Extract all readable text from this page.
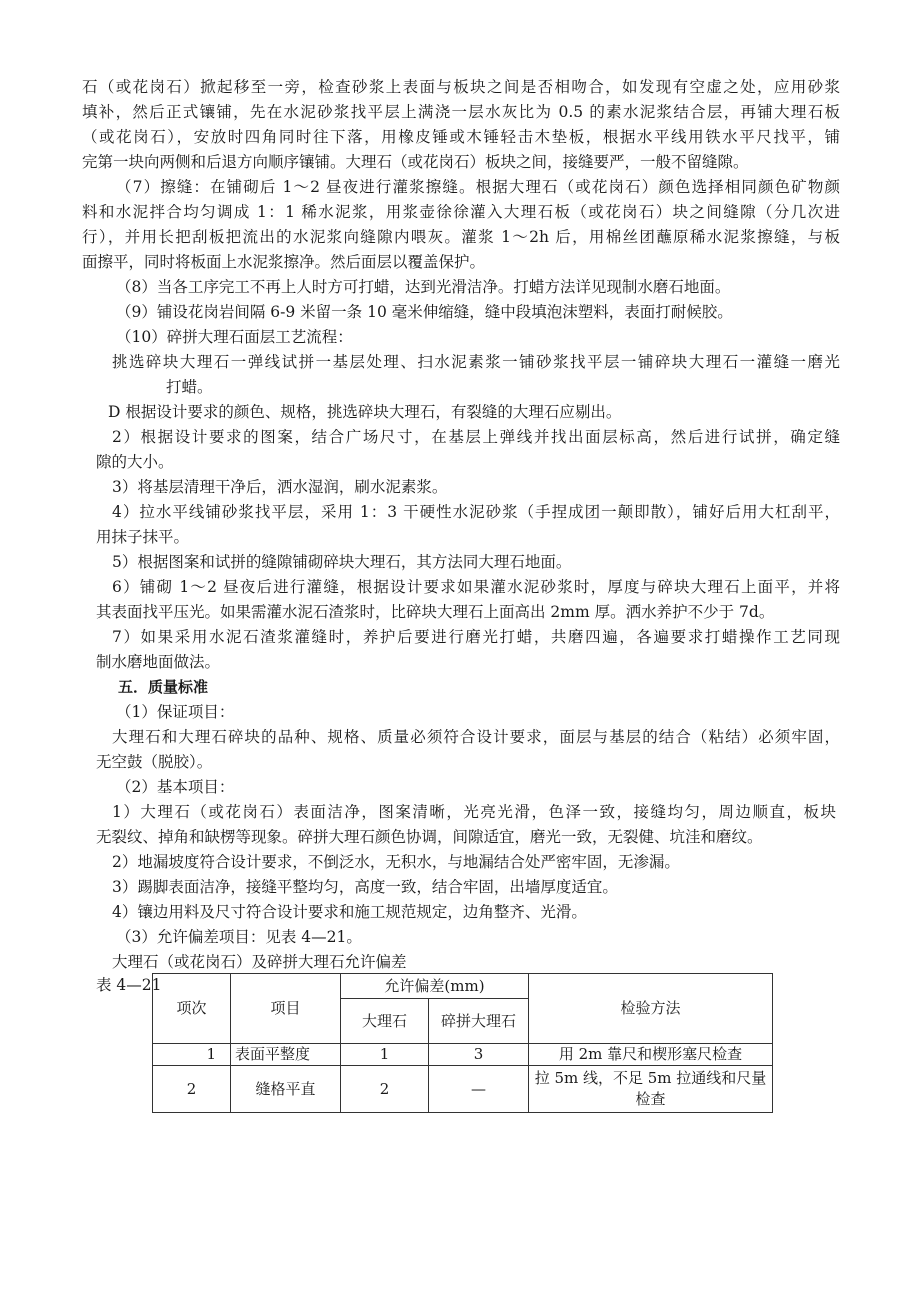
石（或花岗石）掀起移至一旁，检查砂浆上表面与板块之间是否相吻合，如发现有空虚之处，应用砂浆
填补，然后正式镶铺，先在水泥砂浆找平层上满浇一层水灰比为 0.5 的素水泥浆结合层，再铺大理石板
（或花岗石），安放时四角同时往下落，用橡皮锤或木锤轻击木垫板，根据水平线用铁水平尺找平，铺
完第一块向两侧和后退方向顺序镶铺。大理石（或花岗石）板块之间，接缝要严，一般不留缝隙。
（7）擦缝：在铺砌后 1～2 昼夜进行灌浆擦缝。根据大理石（或花岗石）颜色选择相同颜色矿物颜
料和水泥拌合均匀调成 1：1 稀水泥浆，用浆壶徐徐灌入大理石板（或花岗石）块之间缝隙（分几次进
行），并用长把刮板把流出的水泥浆向缝隙内喂灰。灌浆 1～2h 后，用棉丝团蘸原稀水泥浆擦缝，与板
面擦平，同时将板面上水泥浆擦净。然后面层以覆盖保护。
（8）当各工序完工不再上人时方可打蜡，达到光滑洁净。打蜡方法详见现制水磨石地面。
（9）铺设花岗岩间隔 6-9 米留一条 10 毫米伸缩缝，缝中段填泡沫塑料，表面打耐候胶。
（10）碎拼大理石面层工艺流程：
挑选碎块大理石一弹线试拼一基层处理、扫水泥素浆一铺砂浆找平层一铺碎块大理石一灌缝一磨光
打蜡。
D 根据设计要求的颜色、规格，挑选碎块大理石，有裂缝的大理石应剔出。
2）根据设计要求的图案，结合广场尺寸，在基层上弹线并找出面层标高，然后进行试拼，确定缝
隙的大小。
3）将基层清理干净后，洒水湿润，刷水泥素浆。
4）拉水平线铺砂浆找平层，采用 1：3 干硬性水泥砂浆（手捏成团一颠即散），铺好后用大杠刮平，
用抹子抹平。
5）根据图案和试拼的缝隙铺砌碎块大理石，其方法同大理石地面。
6）铺砌 1～2 昼夜后进行灌缝，根据设计要求如果灌水泥砂浆时，厚度与碎块大理石上面平，并将
其表面找平压光。如果需灌水泥石渣浆时，比碎块大理石上面高出 2mm 厚。洒水养护不少于 7d。
7）如果采用水泥石渣浆灌缝时，养护后要进行磨光打蜡，共磨四遍，各遍要求打蜡操作工艺同现
制水磨地面做法。
五．质量标准
（1）保证项目：
大理石和大理石碎块的品种、规格、质量必须符合设计要求，面层与基层的结合（粘结）必须牢固，
无空鼓（脱胶）。
（2）基本项目：
1）大理石（或花岗石）表面洁净，图案清晰，光亮光滑，色泽一致，接缝均匀，周边顺直，板块
无裂纹、掉角和缺楞等现象。碎拼大理石颜色协调，间隙适宜，磨光一致，无裂健、坑洼和磨纹。
2）地漏坡度符合设计要求，不倒泛水，无积水，与地漏结合处严密牢固，无渗漏。
3）踢脚表面洁净，接缝平整均匀，高度一致，结合牢固，出墙厚度适宜。
4）镶边用料及尺寸符合设计要求和施工规范规定，边角整齐、光滑。
（3）允许偏差项目：见表 4—21。
大理石（或花岗石）及碎拼大理石允许偏差
表 4—21
项次	项目	允许偏差(mm)		检验方法
		大理石	碎拼大理石	
1	表面平整度	1	3	用 2m 靠尺和楔形塞尺检查
2	缝格平直	2	—	拉 5m 线，不足 5m 拉通线和尺量检查
